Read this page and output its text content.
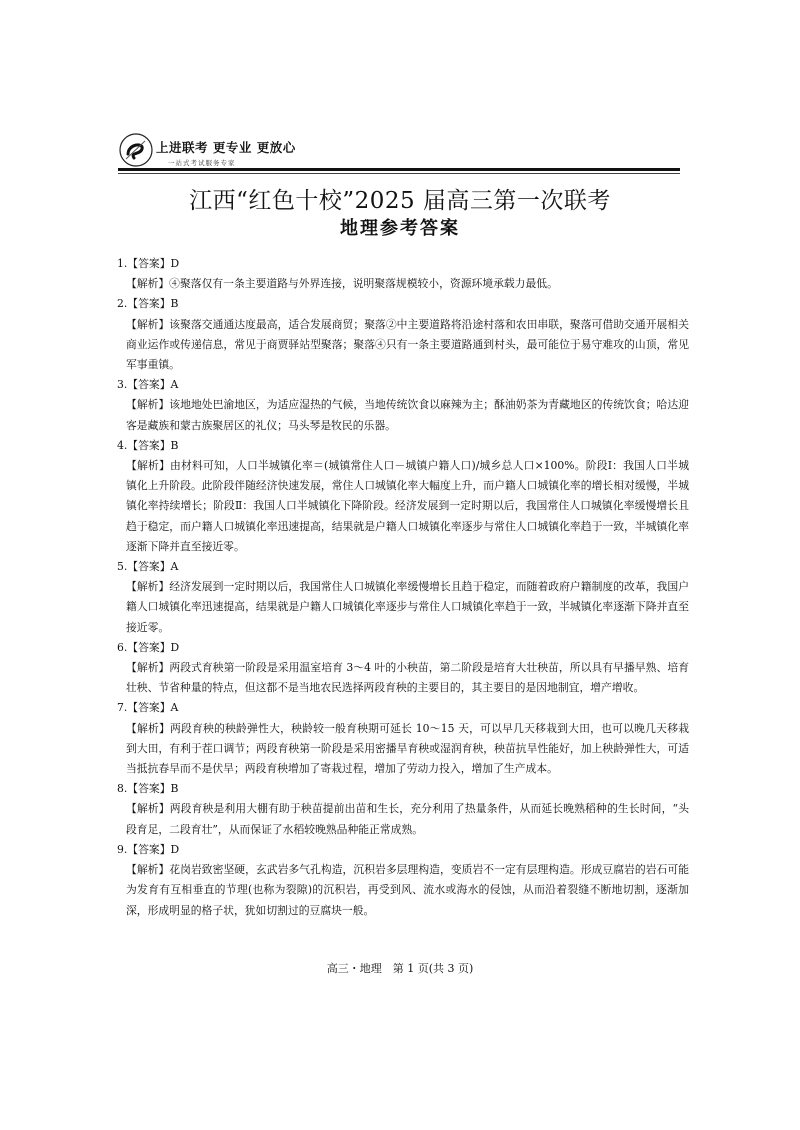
上进联考 更专业 更放心
一站式考试服务专家
江西“红色十校”2025 届高三第一次联考
地理参考答案

1.【答案】D

【解析】④聚落仅有一条主要道路与外界连接，说明聚落规模较小，资源环境承载力最低。

2.【答案】B

【解析】该聚落交通通达度最高，适合发展商贸；聚落②中主要道路将沿途村落和农田串联，聚落可借助交通开展相关商业运作或传递信息，常见于商贾驿站型聚落；聚落④只有一条主要道路通到村头，最可能位于易守难攻的山顶，常见军事重镇。

3.【答案】A

【解析】该地地处巴渝地区，为适应湿热的气候，当地传统饮食以麻辣为主；酥油奶茶为青藏地区的传统饮食；哈达迎客是藏族和蒙古族聚居区的礼仪；马头琴是牧民的乐器。

4.【答案】B

【解析】由材料可知，人口半城镇化率＝(城镇常住人口－城镇户籍人口)/城乡总人口×100%。阶段Ⅰ：我国人口半城镇化上升阶段。此阶段伴随经济快速发展，常住人口城镇化率大幅度上升，而户籍人口城镇化率的增长相对缓慢，半城镇化率持续增长；阶段Ⅱ：我国人口半城镇化下降阶段。经济发展到一定时期以后，我国常住人口城镇化率缓慢增长且趋于稳定，而户籍人口城镇化率迅速提高，结果就是户籍人口城镇化率逐步与常住人口城镇化率趋于一致，半城镇化率逐渐下降并直至接近零。

5.【答案】A

【解析】经济发展到一定时期以后，我国常住人口城镇化率缓慢增长且趋于稳定，而随着政府户籍制度的改革，我国户籍人口城镇化率迅速提高，结果就是户籍人口城镇化率逐步与常住人口城镇化率趋于一致，半城镇化率逐渐下降并直至接近零。

6.【答案】D

【解析】两段式育秧第一阶段是采用温室培育 3～4 叶的小秧苗，第二阶段是培育大壮秧苗，所以具有早播早熟、培育壮秧、节省种量的特点，但这都不是当地农民选择两段育秧的主要目的，其主要目的是因地制宜，增产增收。

7.【答案】A

【解析】两段育秧的秧龄弹性大，秧龄较一般育秧期可延长 10～15 天，可以早几天移栽到大田，也可以晚几天移栽到大田，有利于茬口调节；两段育秧第一阶段是采用密播旱育秧或湿润育秧，秧苗抗旱性能好，加上秧龄弹性大，可适当抵抗春旱而不是伏旱；两段育秧增加了寄栽过程，增加了劳动力投入，增加了生产成本。

8.【答案】B

【解析】两段育秧是利用大棚有助于秧苗提前出苗和生长，充分利用了热量条件，从而延长晚熟稻种的生长时间，“头段育足，二段育壮”，从而保证了水稻较晚熟品种能正常成熟。

9.【答案】D

【解析】花岗岩致密坚硬，玄武岩多气孔构造，沉积岩多层理构造，变质岩不一定有层理构造。形成豆腐岩的岩石可能为发育有互相垂直的节理(也称为裂隙)的沉积岩，再受到风、流水或海水的侵蚀，从而沿着裂缝不断地切割，逐渐加深，形成明显的格子状，犹如切割过的豆腐块一般。

高三・地理　第 1 页(共 3 页)
